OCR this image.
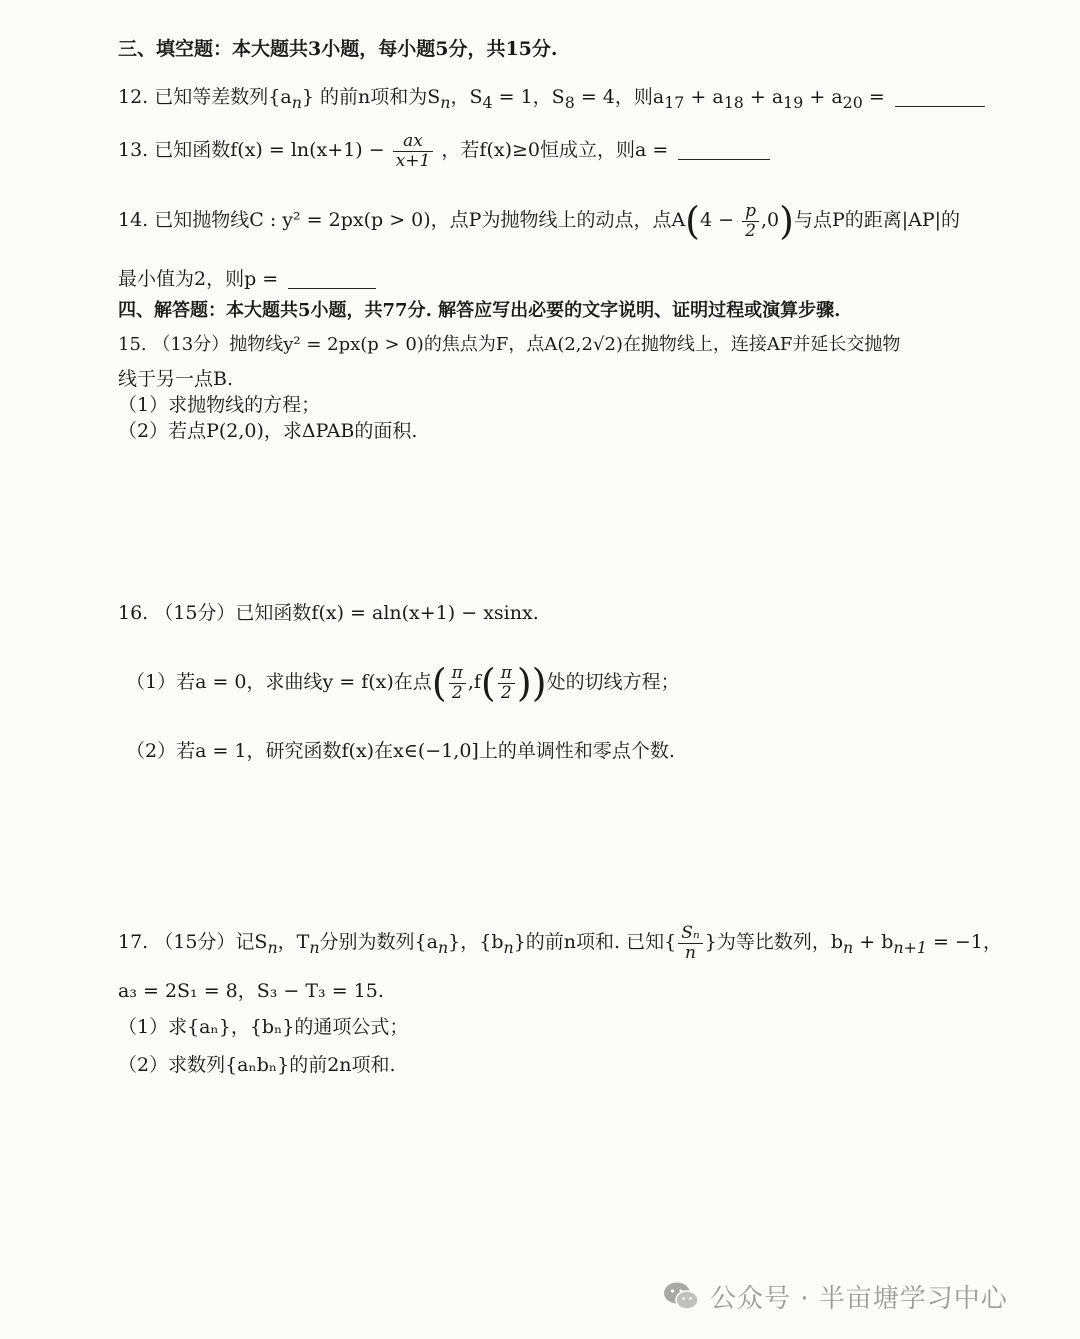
三、填空题：本大题共3小题，每小题5分，共15分.
12. 已知等差数列$\{a_n\}$ 的前n项和为$S_n$，$S_4 = 1$，$S_8 = 4$，则$a_{17} + a_{18} + a_{19} + a_{20}$ =
13. 已知函数$f(x) = \ln(x+1) - \frac{ax}{x+1}$ ，若f(x)≥0恒成立，则a =
14. 已知抛物线C : y² = 2px(p > 0)，点P为抛物线上的动点，点$A(4 - \frac{p}{2} ,0)$与点P的距离|AP|的
最小值为2，则p =
四、解答题：本大题共5小题，共77分. 解答应写出必要的文字说明、证明过程或演算步骤.
15. （13分）抛物线y² = 2px(p > 0)的焦点为F，点A(2,2√2)在抛物线上，连接AF并延长交抛物
线于另一点B.
（1）求抛物线的方程；
（2）若点P(2,0)，求ΔPAB的面积.
16. （15分）已知函数f(x) = aln(x+1) − xsinx.
（1）若a = 0，求曲线y = f(x)在点( $\frac{\pi}{2} ,f( \frac{\pi}{2}$ ))处的切线方程；
（2）若a = 1，研究函数f(x)在x∈(−1,0]上的单调性和零点个数.
17. （15分）记$S_n$，$T_n$分别为数列$\{a_n\}$，$\{b_n\}$的前n项和. 已知{ $\frac{\text{Sₙ}}{n}$ }为等比数列，$b_n + b_{n+1} = -1$，
a₃ = 2S₁ = 8，S₃ − T₃ = 15.
（1）求{aₙ}，{bₙ}的通项公式；
（2）求数列{aₙbₙ}的前2n项和.
公众号 · 半亩塘学习中心
